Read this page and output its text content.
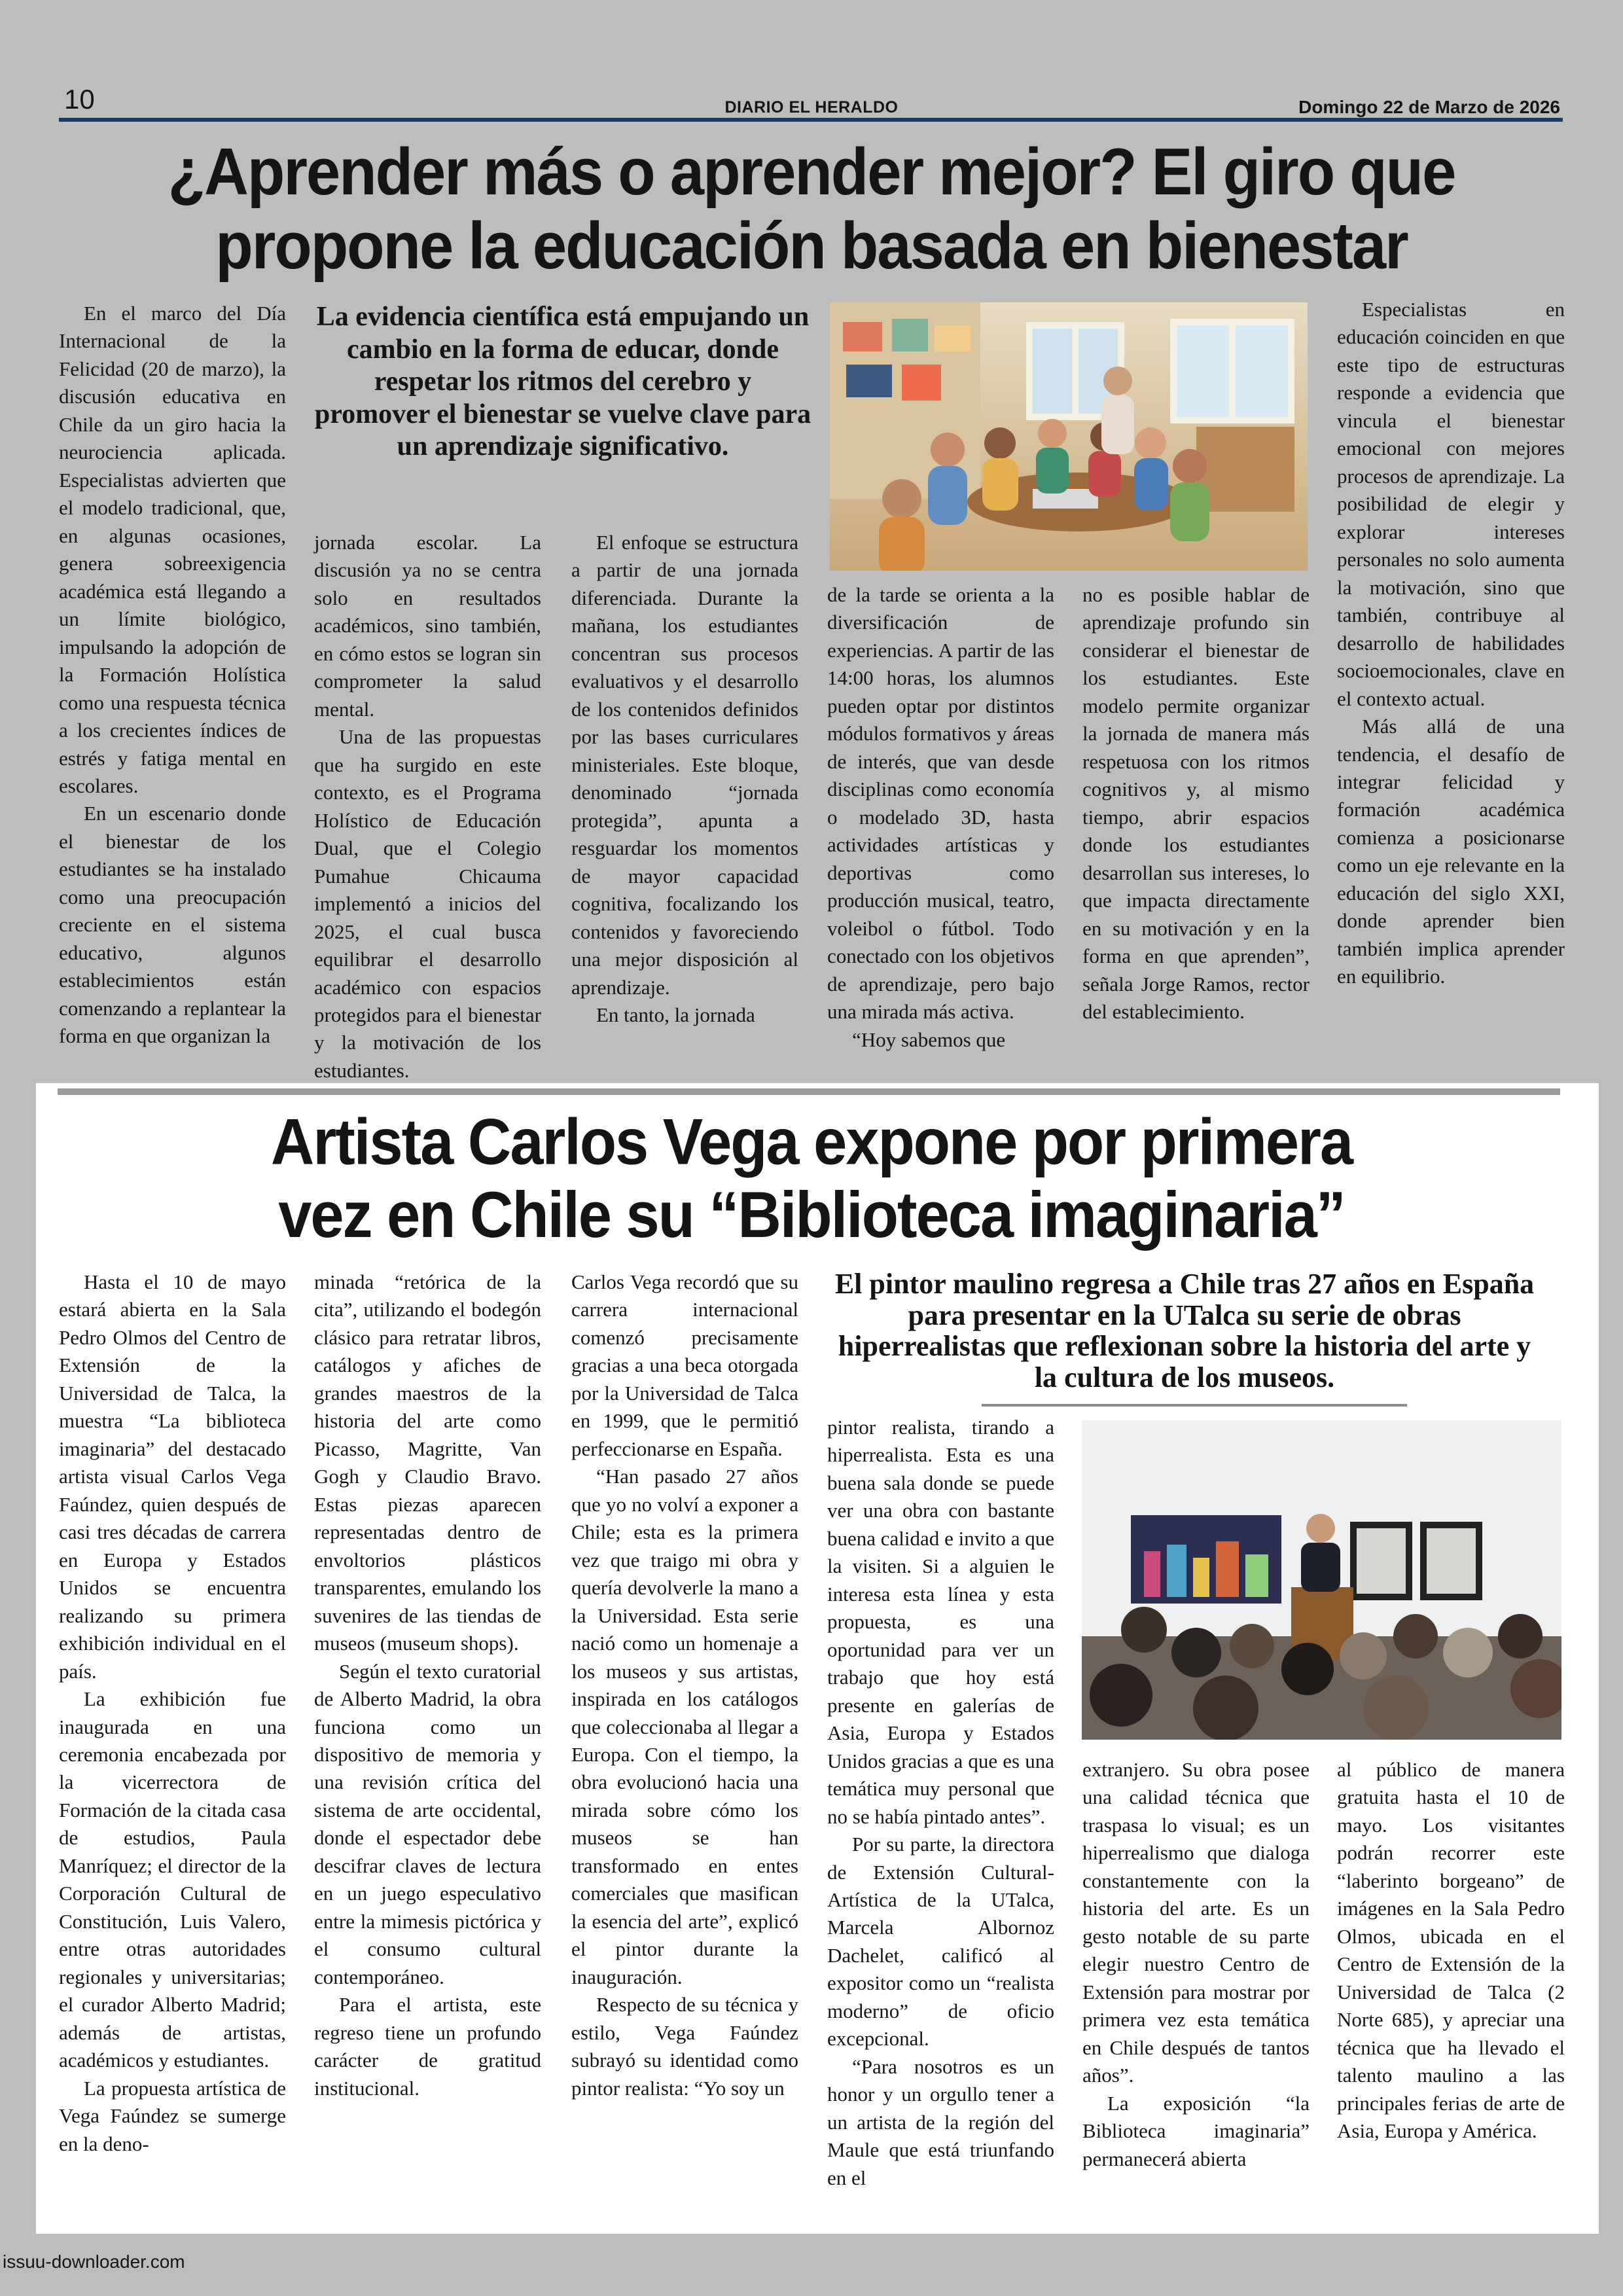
10	DIARIO EL HERALDO	Domingo 22 de Marzo de 2026
¿Aprender más o aprender mejor? El giro que
propone la educación basada en bienestar

En el marco del Día Internacional de la Felicidad (20 de marzo), la discusión educativa en Chile da un giro hacia la neurociencia aplicada. Especialistas advierten que el modelo tradicional, que, en algunas ocasiones, genera sobreexigencia académica está llegando a un límite biológico, impulsando la adopción de la Formación Holística como una respuesta técnica a los crecientes índices de estrés y fatiga mental en escolares.

En un escenario donde el bienestar de los estudiantes se ha instalado como una preocupación creciente en el sistema educativo, algunos establecimientos están comenzando a replantear la forma en que organizan la

La evidencia científica está empujando un cambio en la forma de educar, donde respetar los ritmos del cerebro y promover el bienestar se vuelve clave para un aprendizaje significativo.

jornada escolar. La discusión ya no se centra solo en resultados académicos, sino también, en cómo estos se logran sin comprometer la salud mental.

Una de las propuestas que ha surgido en este contexto, es el Programa Holístico de Educación Dual, que el Colegio Pumahue Chicauma implementó a inicios del 2025, el cual busca equilibrar el desarrollo académico con espacios protegidos para el bienestar y la motivación de los estudiantes.

El enfoque se estructura a partir de una jornada diferenciada. Durante la mañana, los estudiantes concentran sus procesos evaluativos y el desarrollo de los contenidos definidos por las bases curriculares ministeriales. Este bloque, denominado “jornada protegida”, apunta a resguardar los momentos de mayor capacidad cognitiva, focalizando los contenidos y favoreciendo una mejor disposición al aprendizaje.

En tanto, la jornada

de la tarde se orienta a la diversificación de experiencias. A partir de las 14:00 horas, los alumnos pueden optar por distintos módulos formativos y áreas de interés, que van desde disciplinas como economía o modelado 3D, hasta actividades artísticas y deportivas como producción musical, teatro, voleibol o fútbol. Todo conectado con los objetivos de aprendizaje, pero bajo una mirada más activa.

“Hoy sabemos que

no es posible hablar de aprendizaje profundo sin considerar el bienestar de los estudiantes. Este modelo permite organizar la jornada de manera más respetuosa con los ritmos cognitivos y, al mismo tiempo, abrir espacios donde los estudiantes desarrollan sus intereses, lo que impacta directamente en su motivación y en la forma en que aprenden”, señala Jorge Ramos, rector del establecimiento.

Especialistas en educación coinciden en que este tipo de estructuras responde a evidencia que vincula el bienestar emocional con mejores procesos de aprendizaje. La posibilidad de elegir y explorar intereses personales no solo aumenta la motivación, sino que también, contribuye al desarrollo de habilidades socioemocionales, clave en el contexto actual.

Más allá de una tendencia, el desafío de integrar felicidad y formación académica comienza a posicionarse como un eje relevante en la educación del siglo XXI, donde aprender bien también implica aprender en equilibrio.

Artista Carlos Vega expone por primera
vez en Chile su “Biblioteca imaginaria”

Hasta el 10 de mayo estará abierta en la Sala Pedro Olmos del Centro de Extensión de la Universidad de Talca, la muestra “La biblioteca imaginaria” del destacado artista visual Carlos Vega Faúndez, quien después de casi tres décadas de carrera en Europa y Estados Unidos se encuentra realizando su primera exhibición individual en el país.

La exhibición fue inaugurada en una ceremonia encabezada por la vicerrectora de Formación de la citada casa de estudios, Paula Manríquez; el director de la Corporación Cultural de Constitución, Luis Valero, entre otras autoridades regionales y universitarias; el curador Alberto Madrid; además de artistas, académicos y estudiantes.

La propuesta artística de Vega Faúndez se sumerge en la deno-

minada “retórica de la cita”, utilizando el bodegón clásico para retratar libros, catálogos y afiches de grandes maestros de la historia del arte como Picasso, Magritte, Van Gogh y Claudio Bravo. Estas piezas aparecen representadas dentro de envoltorios plásticos transparentes, emulando los suvenires de las tiendas de museos (museum shops).

Según el texto curatorial de Alberto Madrid, la obra funciona como un dispositivo de memoria y una revisión crítica del sistema de arte occidental, donde el espectador debe descifrar claves de lectura en un juego especulativo entre la mimesis pictórica y el consumo cultural contemporáneo.

Para el artista, este regreso tiene un profundo carácter de gratitud institucional.

Carlos Vega recordó que su carrera internacional comenzó precisamente gracias a una beca otorgada por la Universidad de Talca en 1999, que le permitió perfeccionarse en España.

“Han pasado 27 años que yo no volví a exponer a Chile; esta es la primera vez que traigo mi obra y quería devolverle la mano a la Universidad. Esta serie nació como un homenaje a los museos y sus artistas, inspirada en los catálogos que coleccionaba al llegar a Europa. Con el tiempo, la obra evolucionó hacia una mirada sobre cómo los museos se han transformado en entes comerciales que masifican la esencia del arte”, explicó el pintor durante la inauguración.

Respecto de su técnica y estilo, Vega Faúndez subrayó su identidad como pintor realista: “Yo soy un

El pintor maulino regresa a Chile tras 27 años en España para presentar en la UTalca su serie de obras hiperrealistas que reflexionan sobre la historia del arte y la cultura de los museos.

pintor realista, tirando a hiperrealista. Esta es una buena sala donde se puede ver una obra con bastante buena calidad e invito a que la visiten. Si a alguien le interesa esta línea y esta propuesta, es una oportunidad para ver un trabajo que hoy está presente en galerías de Asia, Europa y Estados Unidos gracias a que es una temática muy personal que no se había pintado antes”.

Por su parte, la directora de Extensión Cultural-Artística de la UTalca, Marcela Albornoz Dachelet, calificó al expositor como un “realista moderno” de oficio excepcional.

“Para nosotros es un honor y un orgullo tener a un artista de la región del Maule que está triunfando en el

extranjero. Su obra posee una calidad técnica que traspasa lo visual; es un hiperrealismo que dialoga constantemente con la historia del arte. Es un gesto notable de su parte elegir nuestro Centro de Extensión para mostrar por primera vez esta temática en Chile después de tantos años”.

La exposición “la Biblioteca imaginaria” permanecerá abierta

al público de manera gratuita hasta el 10 de mayo. Los visitantes podrán recorrer este “laberinto borgeano” de imágenes en la Sala Pedro Olmos, ubicada en el Centro de Extensión de la Universidad de Talca (2 Norte 685), y apreciar una técnica que ha llevado el talento maulino a las principales ferias de arte de Asia, Europa y América.

issuu-downloader.com
